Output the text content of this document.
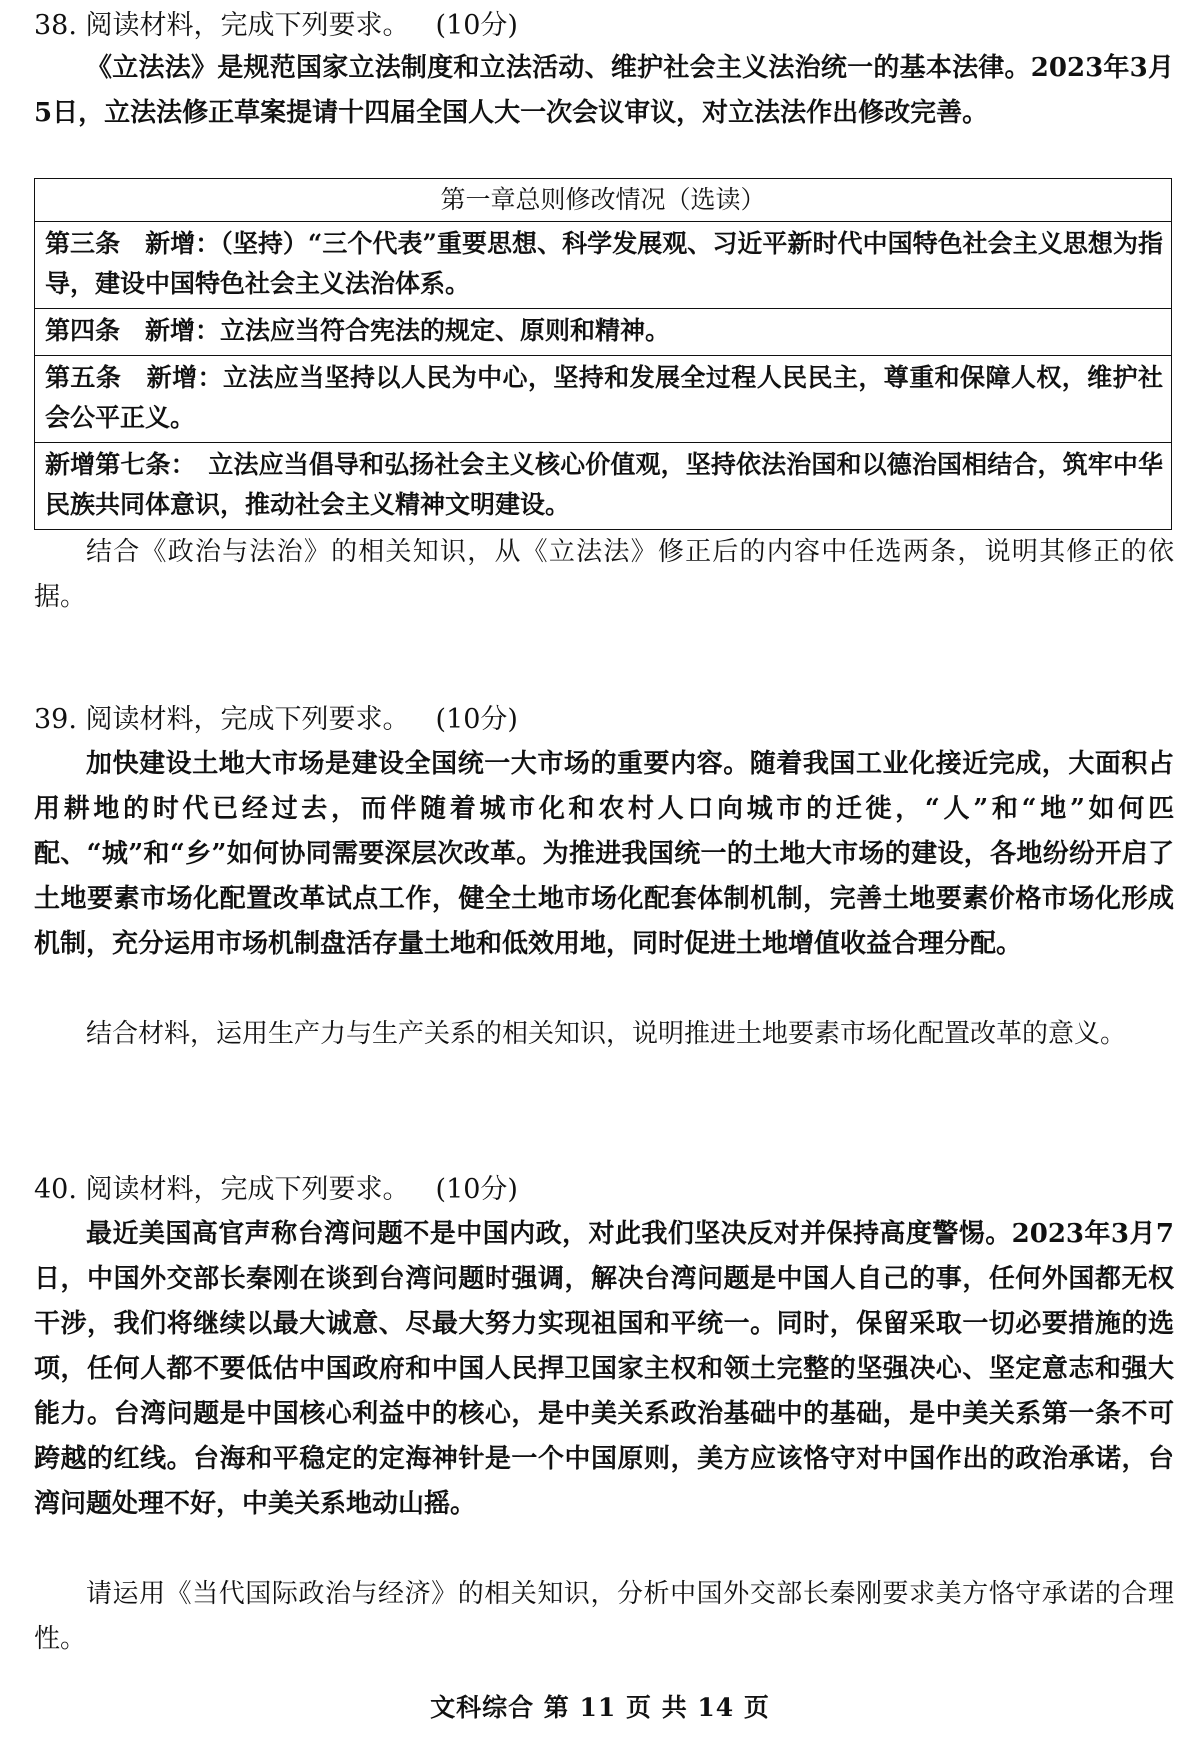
38. 阅读材料，完成下列要求。 (10分)
《立法法》是规范国家立法制度和立法活动、维护社会主义法治统一的基本法律。2023年3月5日，立法法修正草案提请十四届全国人大一次会议审议，对立法法作出修改完善。
第一章总则修改情况（选读）
第三条　新增：（坚持）“三个代表”重要思想、科学发展观、习近平新时代中国特色社会主义思想为指导，建设中国特色社会主义法治体系。
第四条　新增：立法应当符合宪法的规定、原则和精神。
第五条　新增：立法应当坚持以人民为中心，坚持和发展全过程人民民主，尊重和保障人权，维护社会公平正义。
新增第七条：　立法应当倡导和弘扬社会主义核心价值观，坚持依法治国和以德治国相结合，筑牢中华民族共同体意识，推动社会主义精神文明建设。
结合《政治与法治》的相关知识，从《立法法》修正后的内容中任选两条，说明其修正的依据。
39. 阅读材料，完成下列要求。 (10分)
加快建设土地大市场是建设全国统一大市场的重要内容。随着我国工业化接近完成，大面积占用耕地的时代已经过去，而伴随着城市化和农村人口向城市的迁徙，“人”和“地”如何匹配、“城”和“乡”如何协同需要深层次改革。为推进我国统一的土地大市场的建设，各地纷纷开启了土地要素市场化配置改革试点工作，健全土地市场化配套体制机制，完善土地要素价格市场化形成机制，充分运用市场机制盘活存量土地和低效用地，同时促进土地增值收益合理分配。
结合材料，运用生产力与生产关系的相关知识，说明推进土地要素市场化配置改革的意义。
40. 阅读材料，完成下列要求。 (10分)
最近美国高官声称台湾问题不是中国内政，对此我们坚决反对并保持高度警惕。2023年3月7日，中国外交部长秦刚在谈到台湾问题时强调，解决台湾问题是中国人自己的事，任何外国都无权干涉，我们将继续以最大诚意、尽最大努力实现祖国和平统一。同时，保留采取一切必要措施的选项，任何人都不要低估中国政府和中国人民捍卫国家主权和领土完整的坚强决心、坚定意志和强大能力。台湾问题是中国核心利益中的核心，是中美关系政治基础中的基础，是中美关系第一条不可跨越的红线。台海和平稳定的定海神针是一个中国原则，美方应该恪守对中国作出的政治承诺，台湾问题处理不好，中美关系地动山摇。
请运用《当代国际政治与经济》的相关知识，分析中国外交部长秦刚要求美方恪守承诺的合理性。
文科综合 第 11 页 共 14 页
